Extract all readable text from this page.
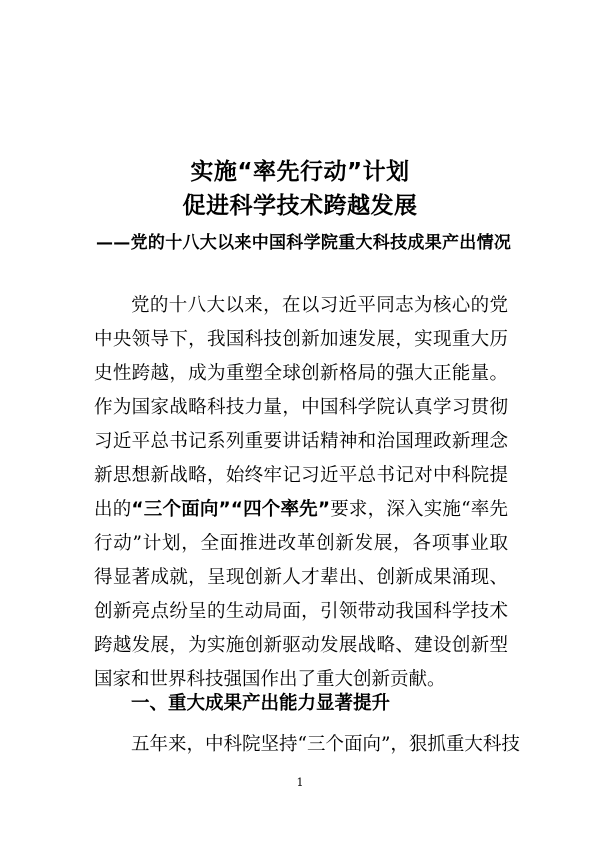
实施“率先行动”计划
促进科学技术跨越发展
——党的十八大以来中国科学院重大科技成果产出情况
党的十八大以来，在以习近平同志为核心的党中央领导下，我国科技创新加速发展，实现重大历史性跨越，成为重塑全球创新格局的强大正能量。作为国家战略科技力量，中国科学院认真学习贯彻习近平总书记系列重要讲话精神和治国理政新理念新思想新战略，始终牢记习近平总书记对中科院提出的“三个面向”“四个率先”要求，深入实施“率先行动”计划，全面推进改革创新发展，各项事业取得显著成就，呈现创新人才辈出、创新成果涌现、创新亮点纷呈的生动局面，引领带动我国科学技术跨越发展，为实施创新驱动发展战略、建设创新型国家和世界科技强国作出了重大创新贡献。
一、重大成果产出能力显著提升
五年来，中科院坚持“三个面向”，狠抓重大科技
1
